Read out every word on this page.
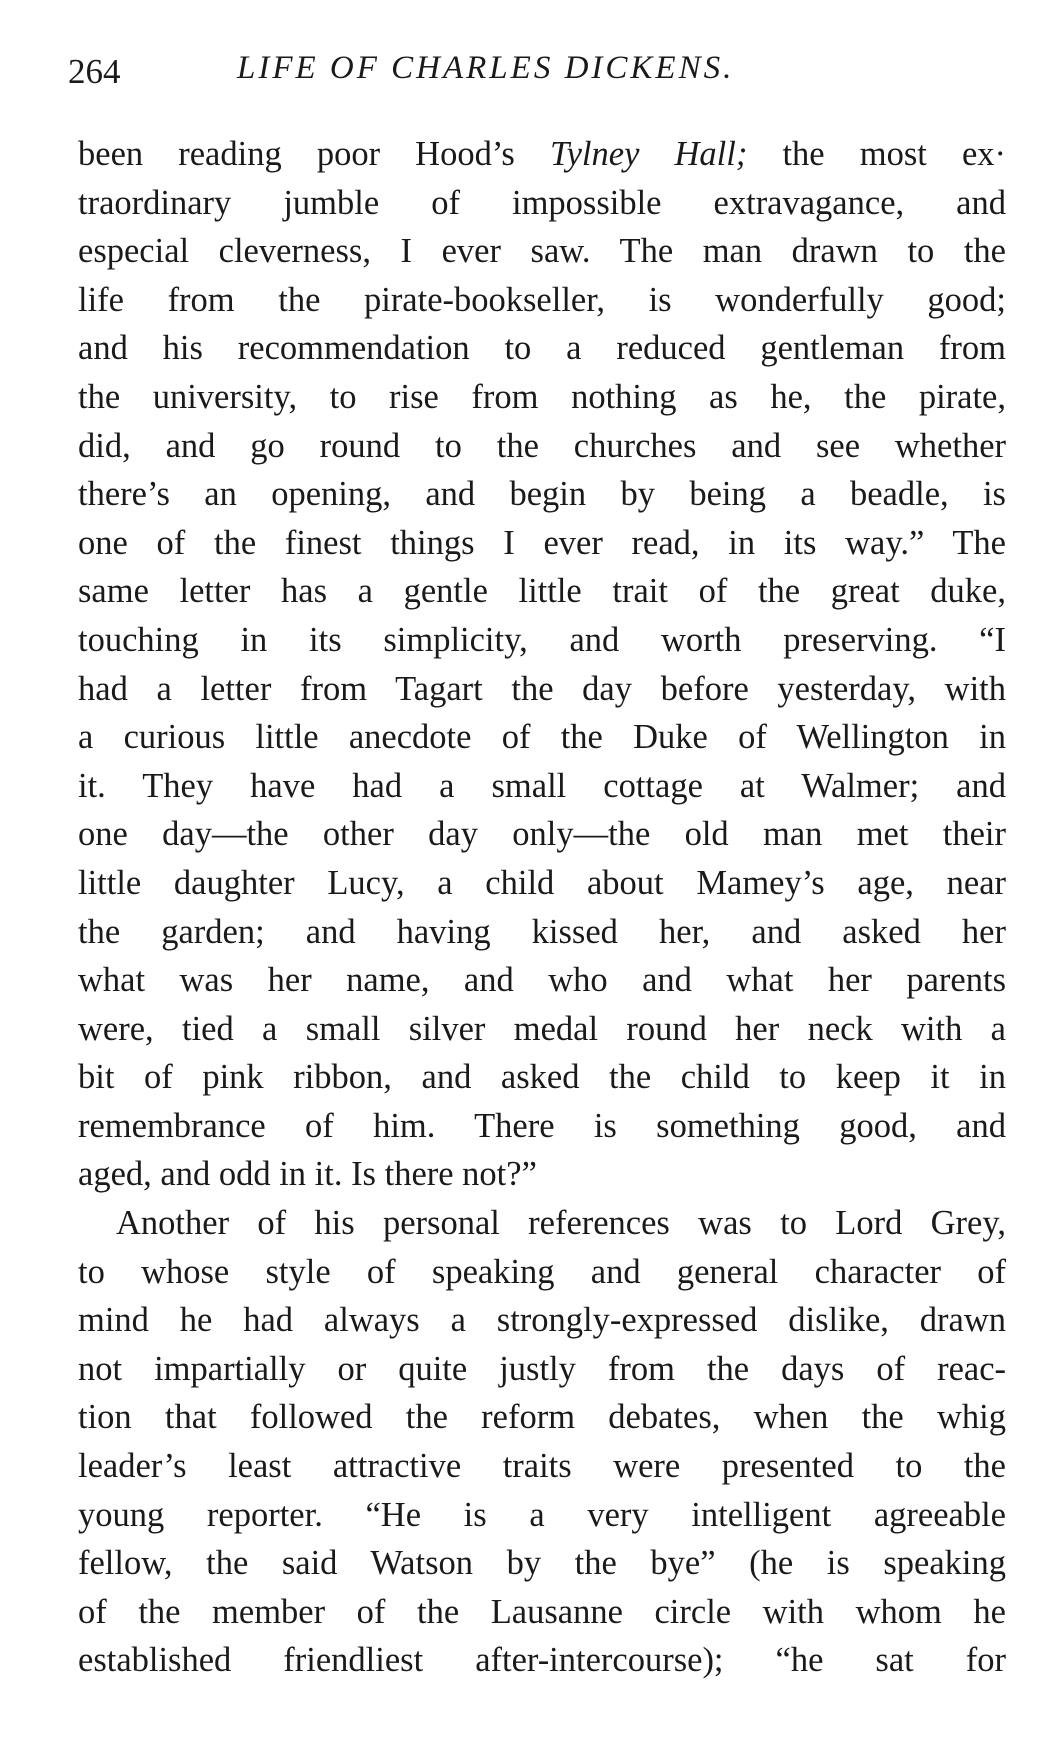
264	LIFE OF CHARLES DICKENS.
been reading poor Hood’s Tylney Hall; the most ex·
traordinary jumble of impossible extravagance, and
especial cleverness, I ever saw. The man drawn to the
life from the pirate-bookseller, is wonderfully good;
and his recommendation to a reduced gentleman from
the university, to rise from nothing as he, the pirate,
did, and go round to the churches and see whether
there’s an opening, and begin by being a beadle, is
one of the finest things I ever read, in its way.” The
same letter has a gentle little trait of the great duke,
touching in its simplicity, and worth preserving. “I
had a letter from Tagart the day before yesterday, with
a curious little anecdote of the Duke of Wellington in
it. They have had a small cottage at Walmer; and
one day—the other day only—the old man met their
little daughter Lucy, a child about Mamey’s age, near
the garden; and having kissed her, and asked her
what was her name, and who and what her parents
were, tied a small silver medal round her neck with a
bit of pink ribbon, and asked the child to keep it in
remembrance of him. There is something good, and
aged, and odd in it. Is there not?”
Another of his personal references was to Lord Grey,
to whose style of speaking and general character of
mind he had always a strongly-expressed dislike, drawn
not impartially or quite justly from the days of reac-
tion that followed the reform debates, when the whig
leader’s least attractive traits were presented to the
young reporter. “He is a very intelligent agreeable
fellow, the said Watson by the bye” (he is speaking
of the member of the Lausanne circle with whom he
established friendliest after-intercourse); “he sat for
